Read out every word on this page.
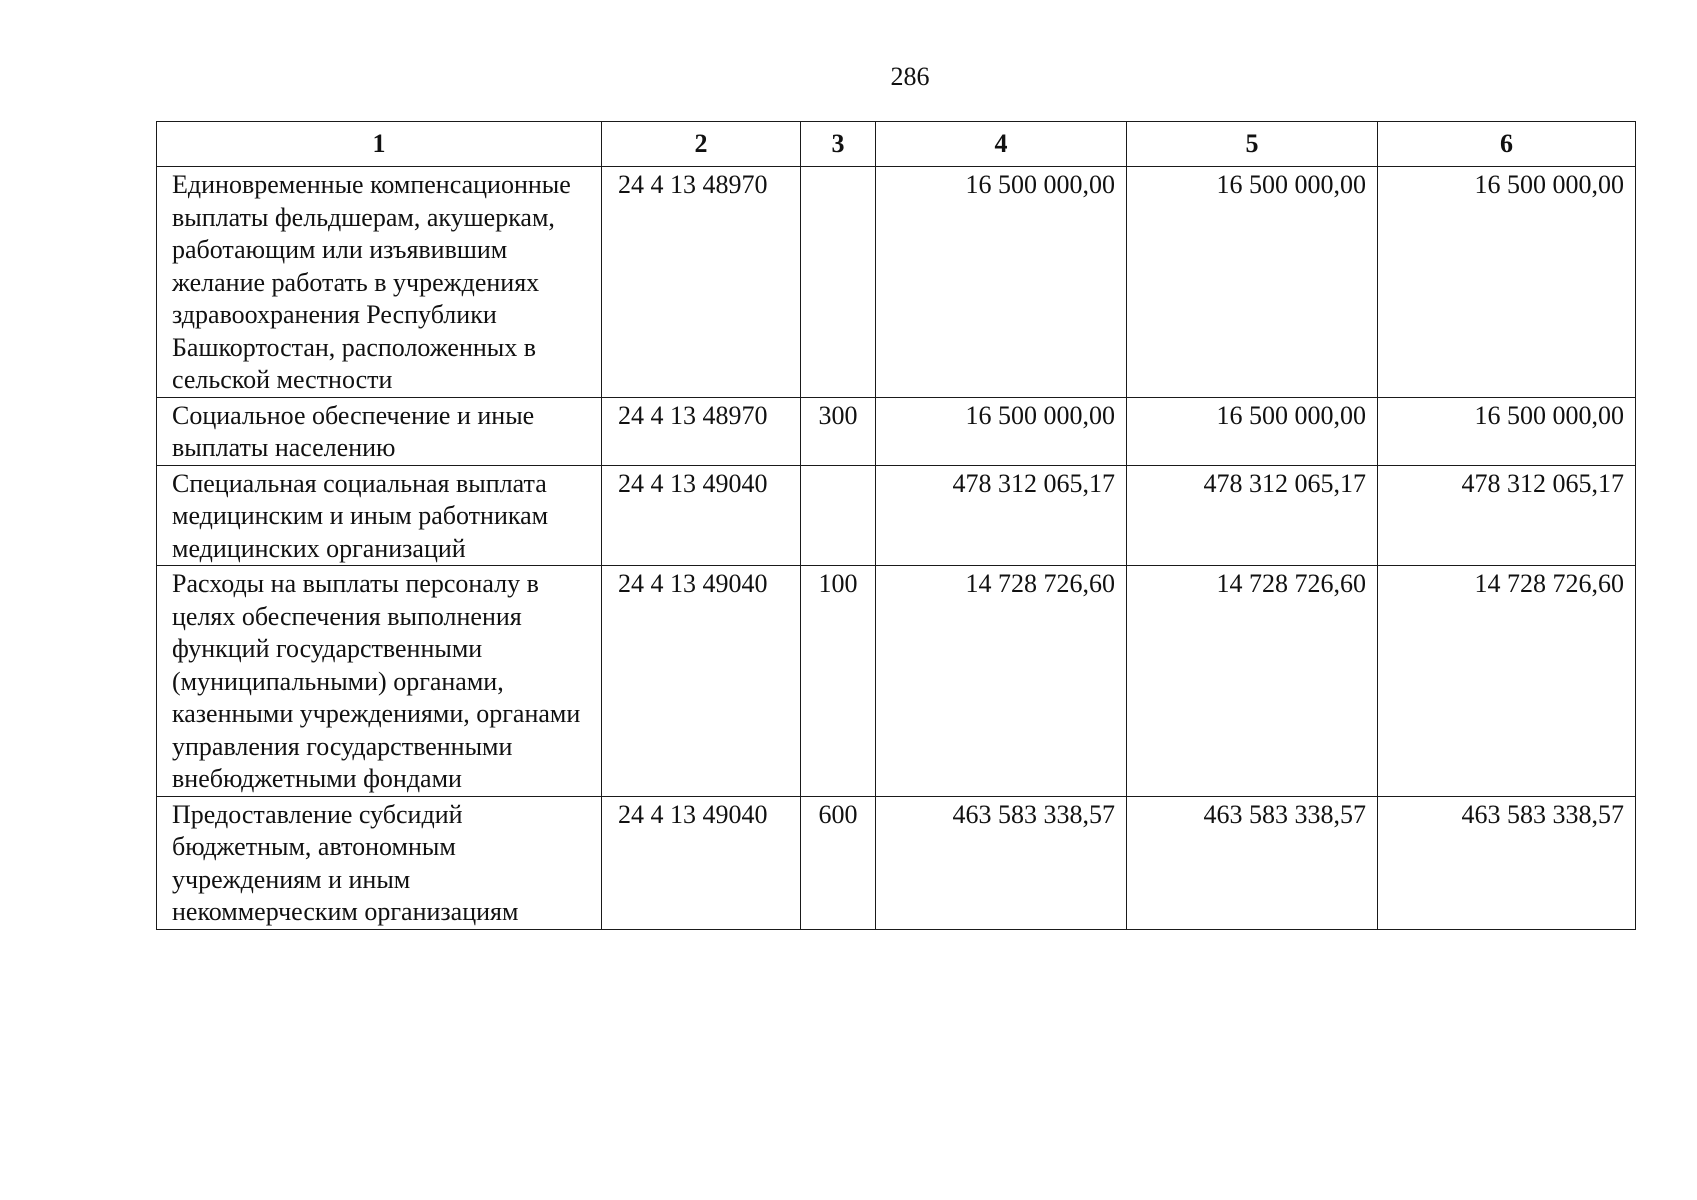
286
1	2	3	4	5	6
Единовременные компенсационные выплаты фельдшерам, акушеркам, работающим или изъявившим желание работать в учреждениях здравоохранения Республики Башкортостан, расположенных в сельской местности	24 4 13 48970		16 500 000,00	16 500 000,00	16 500 000,00
Социальное обеспечение и иные выплаты населению	24 4 13 48970	300	16 500 000,00	16 500 000,00	16 500 000,00
Специальная социальная выплата медицинским и иным работникам медицинских организаций	24 4 13 49040		478 312 065,17	478 312 065,17	478 312 065,17
Расходы на выплаты персоналу в целях обеспечения выполнения функций государственными (муниципальными) органами, казенными учреждениями, органами управления государственными внебюджетными фондами	24 4 13 49040	100	14 728 726,60	14 728 726,60	14 728 726,60
Предоставление субсидий бюджетным, автономным учреждениям и иным некоммерческим организациям	24 4 13 49040	600	463 583 338,57	463 583 338,57	463 583 338,57
